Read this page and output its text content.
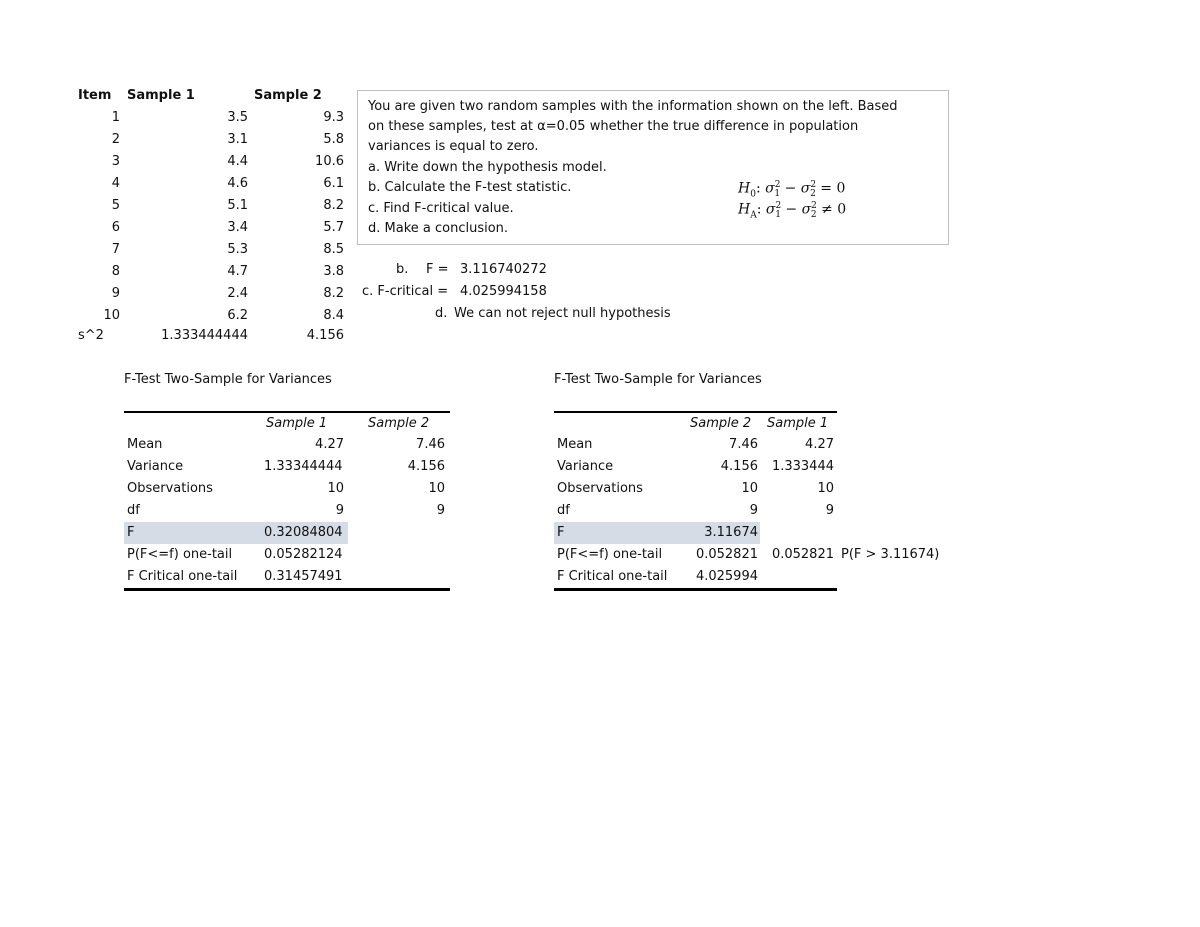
Item Sample 1	Sample 2
1	3.5	9.3
2	3.1	5.8
3	4.4	10.6
4	4.6	6.1
5	5.1	8.2
6	3.4	5.7
7	5.3	8.5
8	4.7	3.8
9	2.4	8.2
10	6.2	8.4
s^2	1.333444444	4.156
You are given two random samples with the information shown on the left. Based
on these samples, test at α=0.05 whether the true difference in population
variances is equal to zero.
a. Write down the hypothesis model.
b. Calculate the F-test statistic.
c. Find F-critical value.
d. Make a conclusion.
$H_0$: $\sigma^2_1 - \sigma^2_2 = 0$
$H_A$: $\sigma^2_1 - \sigma^2_2 \ne 0$
b. F = 3.116740272
c. F-critical = 4.025994158
d. We can not reject null hypothesis
F-Test Two-Sample for Variances
Sample 1	Sample 2
Mean	4.27	7.46
Variance	1.33344444	4.156
Observations	10	10
df	9	9
F	0.32084804
P(F<=f) one-tail 0.05282124
F Critical one-tail 0.31457491
F-Test Two-Sample for Variances
Sample 2 Sample 1
Mean	7.46	4.27
Variance	4.156 1.333444
Observations	10	10
df	9	9
F	3.11674
P(F<=f) one-tail	0.052821 0.052821 P(F > 3.11674)
F Critical one-tail 4.025994
